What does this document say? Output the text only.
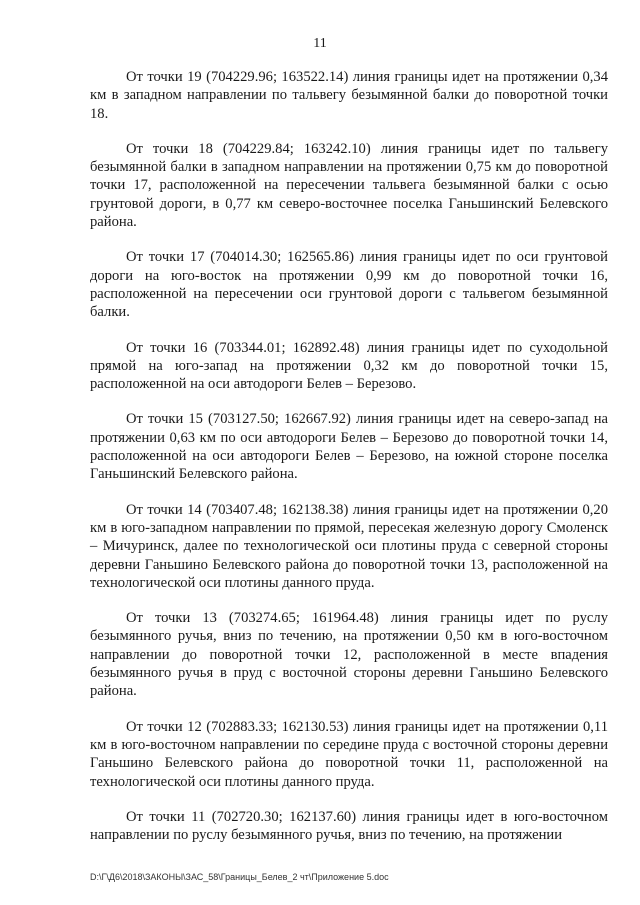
11

От точки 19 (704229.96; 163522.14) линия границы идет на протяжении 0,34 км в западном направлении по тальвегу безымянной балки до поворотной точки 18.

От точки 18 (704229.84; 163242.10) линия границы идет по тальвегу безымянной балки в западном направлении на протяжении 0,75 км до поворотной точки 17, расположенной на пересечении тальвега безымянной балки с осью грунтовой дороги, в 0,77 км северо-восточнее поселка Ганьшинский Белевского района.

От точки 17 (704014.30; 162565.86) линия границы идет по оси грунтовой дороги на юго-восток на протяжении 0,99 км до поворотной точки 16, расположенной на пересечении оси грунтовой дороги с тальвегом безымянной балки.

От точки 16 (703344.01; 162892.48) линия границы идет по суходольной прямой на юго-запад на протяжении 0,32 км до поворотной точки 15, расположенной на оси автодороги Белев – Березово.

От точки 15 (703127.50; 162667.92) линия границы идет на северо-запад на протяжении 0,63 км по оси автодороги Белев – Березово до поворотной точки 14, расположенной на оси автодороги Белев – Березово, на южной стороне поселка Ганьшинский Белевского района.

От точки 14 (703407.48; 162138.38) линия границы идет на протяжении 0,20 км в юго-западном направлении по прямой, пересекая железную дорогу Смоленск – Мичуринск, далее по технологической оси плотины пруда с северной стороны деревни Ганьшино Белевского района до поворотной точки 13, расположенной на технологической оси плотины данного пруда.

От точки 13 (703274.65; 161964.48) линия границы идет по руслу безымянного ручья, вниз по течению, на протяжении 0,50 км в юго-восточном направлении до поворотной точки 12, расположенной в месте впадения безымянного ручья в пруд с восточной стороны деревни Ганьшино Белевского района.

От точки 12 (702883.33; 162130.53) линия границы идет на протяжении 0,11 км в юго-восточном направлении по середине пруда с восточной стороны деревни Ганьшино Белевского района до поворотной точки 11, расположенной на технологической оси плотины данного пруда.

От точки 11 (702720.30; 162137.60) линия границы идет в юго-восточном направлении по руслу безымянного ручья, вниз по течению, на протяжении

D:\Г\Д6\2018\ЗАКОНЫ\ЗАС_58\Границы_Белев_2 чт\Приложение 5.doc
